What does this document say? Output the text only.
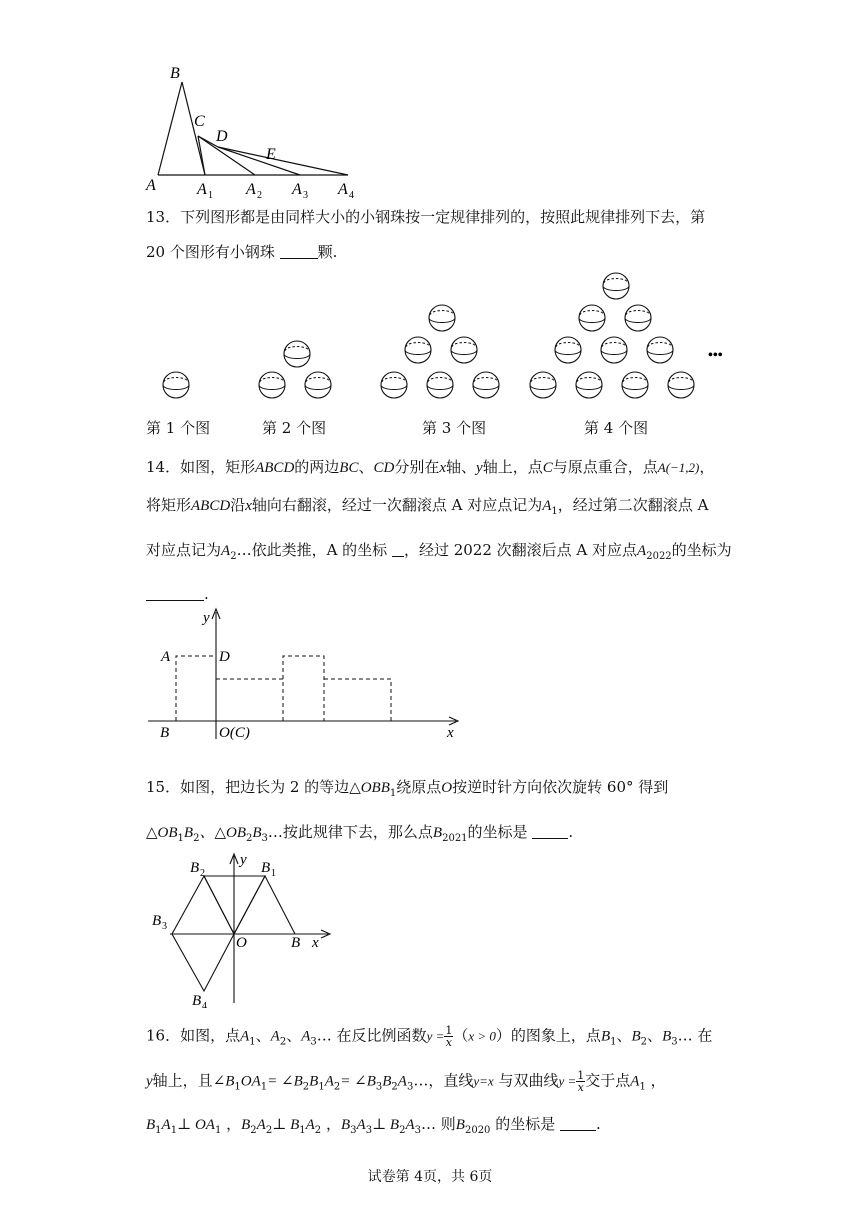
B
C
D
E
A	A 1 A 2 A 3 A 4
13．下列图形都是由同样大小的小钢珠按一定规律排列的，按照此规律排列下去，第
20 个图形有小钢珠	颗.
•••
第 1 个图	第 2 个图	第 3 个图	第 4 个图
14．如图，矩形ABCD的两边BC、CD分别在x轴、y轴上，点C与原点重合，点A(−1,2)，
将矩形ABCD沿x轴向右翻滚，经过一次翻滚点 A 对应点记为$A_1$，经过第二次翻滚点 A
对应点记为$A_2\dots$依此类推，A 的坐标 ，经过 2022 次翻滚后点 A 对应点$A_{2022}$的坐标为
.
y
A	D
B	O(C)	x
15．如图，把边长为 2 的等边$\triangle OBB_1$绕原点O按逆时针方向依次旋转 60° 得到
$\triangle OB_1B_2$、$\triangle OB_2B_3\dots$按此规律下去，那么点$B_{2021}$的坐标是	.
B 2
y B 1
B 3
O	B x
B 4
16．如图，点$A_1$、$A_2$、$A_3\dots$ 在反比例函数$y = \frac{1}{x} (x > 0)$的图象上，点$B_1$、$B_2$、$B_3\dots$ 在
y轴上，且$\angle B_1OA_1=$ $\angle B_2B_1A_2=$ $\angle B_3B_2A_3\dots$，直线y=x 与双曲线$y = \frac{1}{x}$ 交于点$A_1$ ，
$B_1A_1\perp$ $OA_1$ ，$B_2A_2\perp$ $B_1A_2$ ，$B_3A_3\perp$ $B_2A_3\dots$ 则$B_{2020}$ 的坐标是	.
试卷第 4页，共 6页
